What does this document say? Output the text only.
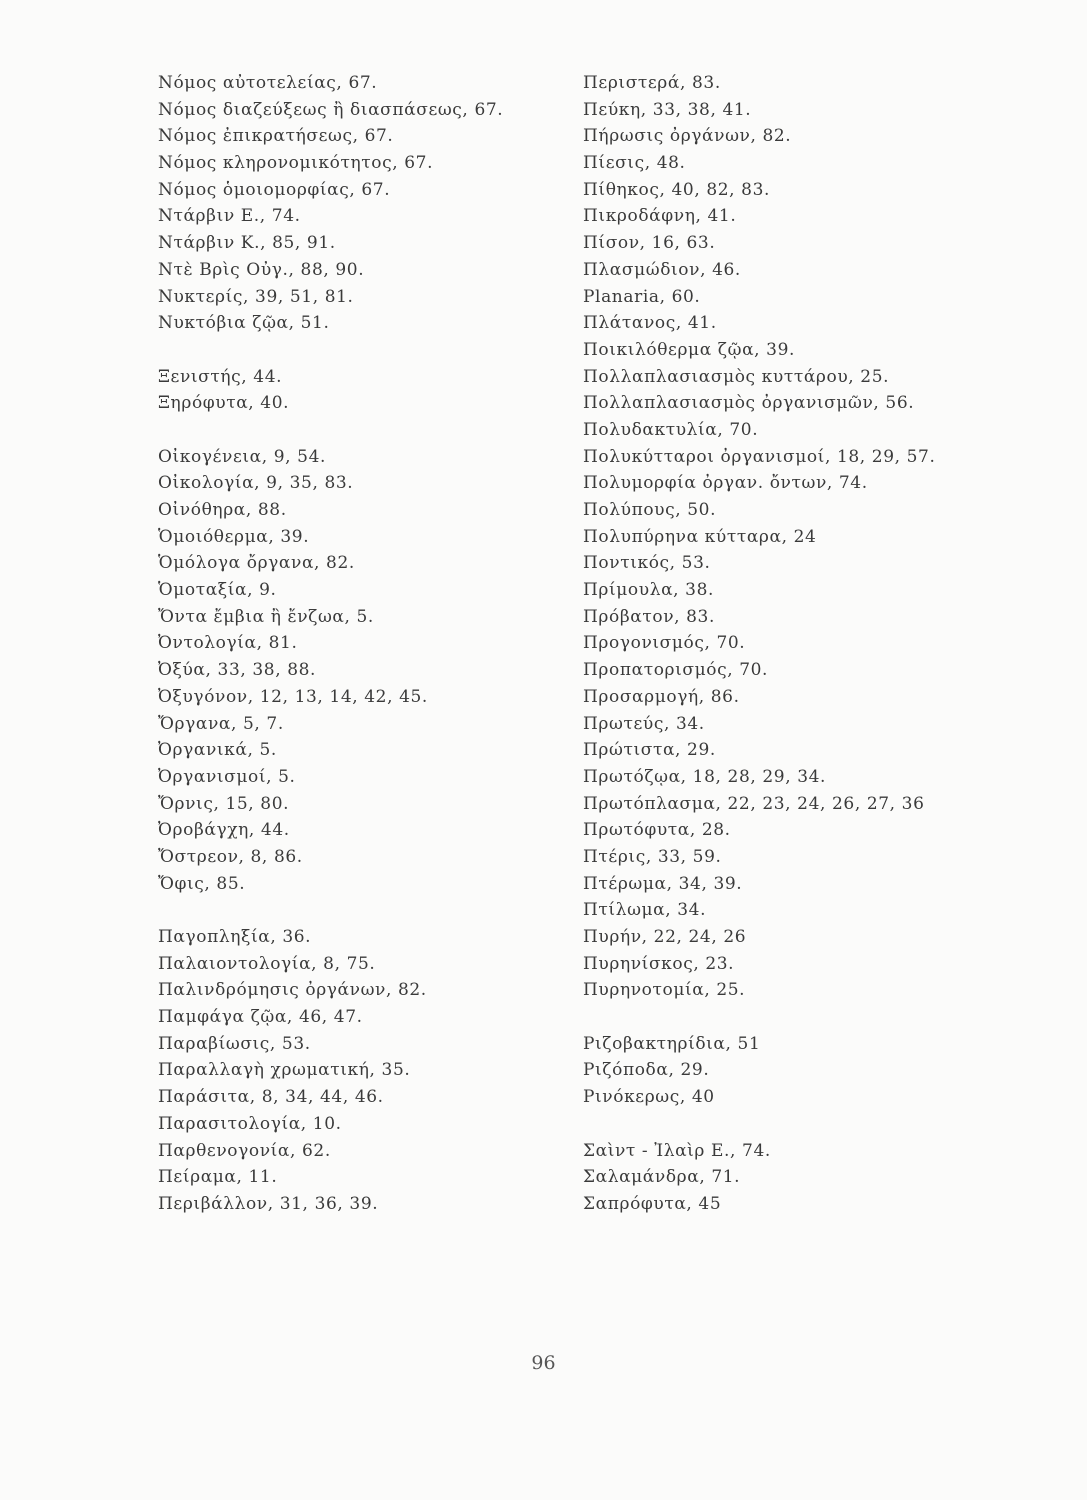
Νόμος αὐτοτελείας, 67.
Νόμος διαζεύξεως ἢ διασπάσεως, 67.
Νόμος ἐπικρατήσεως, 67.
Νόμος κληρονομικότητος, 67.
Νόμος ὁμοιομορφίας, 67.
Ντάρβιν Ε., 74.
Ντάρβιν Κ., 85, 91.
Ντὲ Βρὶς Οὐγ., 88, 90.
Νυκτερίς, 39, 51, 81.
Νυκτόβια ζῷα, 51.
Ξενιστής, 44.
Ξηρόφυτα, 40.
Οἰκογένεια, 9, 54.
Οἰκολογία, 9, 35, 83.
Οἰνόθηρα, 88.
Ὁμοιόθερμα, 39.
Ὁμόλογα ὄργανα, 82.
Ὁμοταξία, 9.
Ὄντα ἔμβια ἢ ἔνζωα, 5.
Ὀντολογία, 81.
Ὀξύα, 33, 38, 88.
Ὀξυγόνον, 12, 13, 14, 42, 45.
Ὄργανα, 5, 7.
Ὀργανικά, 5.
Ὀργανισμοί, 5.
Ὄρνις, 15, 80.
Ὀροβάγχη, 44.
Ὄστρεον, 8, 86.
Ὄφις, 85.
Παγοπληξία, 36.
Παλαιοντολογία, 8, 75.
Παλινδρόμησις ὀργάνων, 82.
Παμφάγα ζῷα, 46, 47.
Παραβίωσις, 53.
Παραλλαγὴ χρωματική, 35.
Παράσιτα, 8, 34, 44, 46.
Παρασιτολογία, 10.
Παρθενογονία, 62.
Πείραμα, 11.
Περιβάλλον, 31, 36, 39.
Περιστερά, 83.
Πεύκη, 33, 38, 41.
Πήρωσις ὀργάνων, 82.
Πίεσις, 48.
Πίθηκος, 40, 82, 83.
Πικροδάφνη, 41.
Πίσον, 16, 63.
Πλασμώδιον, 46.
Planaria, 60.
Πλάτανος, 41.
Ποικιλόθερμα ζῷα, 39.
Πολλαπλασιασμὸς κυττάρου, 25.
Πολλαπλασιασμὸς ὀργανισμῶν, 56.
Πολυδακτυλία, 70.
Πολυκύτταροι ὀργανισμοί, 18, 29, 57.
Πολυμορφία ὀργαν. ὄντων, 74.
Πολύπους, 50.
Πολυπύρηνα κύτταρα, 24
Ποντικός, 53.
Πρίμουλα, 38.
Πρόβατον, 83.
Προγονισμός, 70.
Προπατορισμός, 70.
Προσαρμογή, 86.
Πρωτεύς, 34.
Πρώτιστα, 29.
Πρωτόζῳα, 18, 28, 29, 34.
Πρωτόπλασμα, 22, 23, 24, 26, 27, 36
Πρωτόφυτα, 28.
Πτέρις, 33, 59.
Πτέρωμα, 34, 39.
Πτίλωμα, 34.
Πυρήν, 22, 24, 26
Πυρηνίσκος, 23.
Πυρηνοτομία, 25.
Ριζοβακτηρίδια, 51
Ριζόποδα, 29.
Ρινόκερως, 40
Σαὶντ - Ἰλαὶρ Ε., 74.
Σαλαμάνδρα, 71.
Σαπρόφυτα, 45
96
